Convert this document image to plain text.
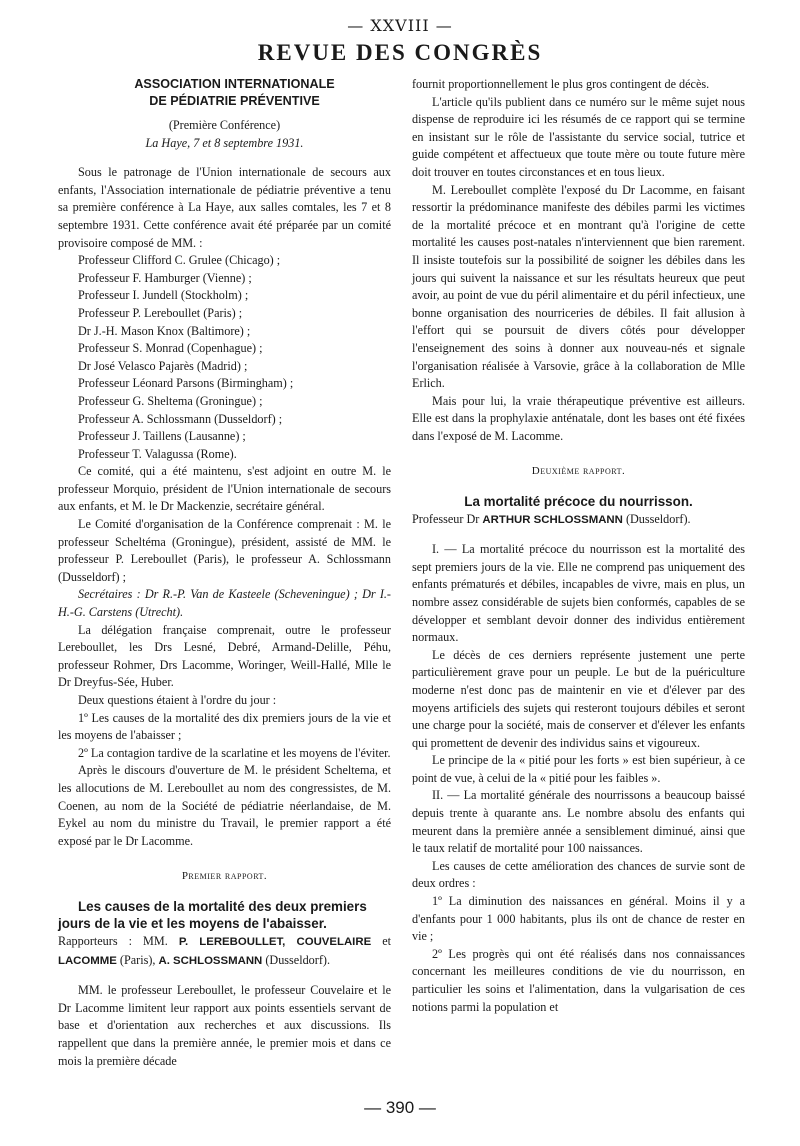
— XXVIII —
REVUE DES CONGRÈS

ASSOCIATION INTERNATIONALE

DE PÉDIATRIE PRÉVENTIVE

(Première Conférence)

La Haye, 7 et 8 septembre 1931.

Sous le patronage de l'Union internationale de secours aux enfants, l'Association internationale de pédiatrie préventive a tenu sa première conférence à La Haye, aux salles comtales, les 7 et 8 septembre 1931. Cette conférence avait été préparée par un comité provisoire composé de MM. :

Professeur Clifford C. Grulee (Chicago) ;
Professeur F. Hamburger (Vienne) ;
Professeur I. Jundell (Stockholm) ;
Professeur P. Lereboullet (Paris) ;
Dr J.-H. Mason Knox (Baltimore) ;
Professeur S. Monrad (Copenhague) ;
Dr José Velasco Pajarès (Madrid) ;
Professeur Léonard Parsons (Birmingham) ;
Professeur G. Sheltema (Groningue) ;
Professeur A. Schlossmann (Dusseldorf) ;
Professeur J. Taillens (Lausanne) ;
Professeur T. Valagussa (Rome).

Ce comité, qui a été maintenu, s'est adjoint en outre M. le professeur Morquio, président de l'Union internationale de secours aux enfants, et M. le Dr Mackenzie, secrétaire général.

Le Comité d'organisation de la Conférence comprenait : M. le professeur Scheltéma (Groningue), président, assisté de MM. le professeur P. Lereboullet (Paris), le professeur A. Schlossmann (Dusseldorf) ;

Secrétaires : Dr R.-P. Van de Kasteele (Scheveningue) ; Dr I.-H.-G. Carstens (Utrecht).

La délégation française comprenait, outre le professeur Lereboullet, les Drs Lesné, Debré, Armand-Delille, Péhu, professeur Rohmer, Drs Lacomme, Woringer, Weill-Hallé, Mlle le Dr Dreyfus-Sée, Huber.

Deux questions étaient à l'ordre du jour :

1º Les causes de la mortalité des dix premiers jours de la vie et les moyens de l'abaisser ;

2º La contagion tardive de la scarlatine et les moyens de l'éviter.

Après le discours d'ouverture de M. le président Scheltema, et les allocutions de M. Lereboullet au nom des congressistes, de M. Coenen, au nom de la Société de pédiatrie néerlandaise, de M. Eykel au nom du ministre du Travail, le premier rapport a été exposé par le Dr Lacomme.

Premier rapport.

Les causes de la mortalité des deux premiers jours de la vie et les moyens de l'abaisser.

Rapporteurs : MM. P. LEREBOULLET, COUVELAIRE et LACOMME (Paris), A. SCHLOSSMANN (Dusseldorf).

MM. le professeur Lereboullet, le professeur Couvelaire et le Dr Lacomme limitent leur rapport aux points essentiels servant de base et d'orientation aux recherches et aux discussions. Ils rappellent que dans la première année, le premier mois et dans ce mois la première décade

fournit proportionnellement le plus gros contingent de décès.

L'article qu'ils publient dans ce numéro sur le même sujet nous dispense de reproduire ici les résumés de ce rapport qui se termine en insistant sur le rôle de l'assistante du service social, tutrice et guide compétent et affectueux que toute mère ou toute future mère doit trouver en toutes circonstances et en tous lieux.

M. Lereboullet complète l'exposé du Dr Lacomme, en faisant ressortir la prédominance manifeste des débiles parmi les victimes de la mortalité précoce et en montrant qu'à l'origine de cette mortalité les causes post-natales n'interviennent que bien rarement. Il insiste toutefois sur la possibilité de soigner les débiles dans les jours qui suivent la naissance et sur les résultats heureux que peut avoir, au point de vue du péril alimentaire et du péril infectieux, une bonne organisation des nourriceries de débiles. Il fait allusion à l'effort qui se poursuit de divers côtés pour développer l'enseignement des soins à donner aux nouveau-nés et signale l'organisation réalisée à Varsovie, grâce à la collaboration de Mlle Erlich.

Mais pour lui, la vraie thérapeutique préventive est ailleurs. Elle est dans la prophylaxie anténatale, dont les bases ont été fixées dans l'exposé de M. Lacomme.

Deuxième rapport.

La mortalité précoce du nourrisson.

Professeur Dr ARTHUR SCHLOSSMANN (Dusseldorf).

I. — La mortalité précoce du nourrisson est la mortalité des sept premiers jours de la vie. Elle ne comprend pas uniquement des enfants prématurés et débiles, incapables de vivre, mais en plus, un nombre assez considérable de sujets bien conformés, capables de se développer et semblant devoir donner des individus entièrement normaux.

Le décès de ces derniers représente justement une perte particulièrement grave pour un peuple. Le but de la puériculture moderne n'est donc pas de maintenir en vie et d'élever par des moyens artificiels des sujets qui resteront toujours débiles et seront une charge pour la société, mais de conserver et d'élever les enfants qui promettent de devenir des individus sains et vigoureux.

Le principe de la « pitié pour les forts » est bien supérieur, à ce point de vue, à celui de la « pitié pour les faibles ».

II. — La mortalité générale des nourrissons a beaucoup baissé depuis trente à quarante ans. Le nombre absolu des enfants qui meurent dans la première année a sensiblement diminué, ainsi que le taux relatif de mortalité pour 100 naissances.

Les causes de cette amélioration des chances de survie sont de deux ordres :

1º La diminution des naissances en général. Moins il y a d'enfants pour 1 000 habitants, plus ils ont de chance de rester en vie ;

2º Les progrès qui ont été réalisés dans nos connaissances concernant les meilleures conditions de vie du nourrisson, en particulier les soins et l'alimentation, dans la vulgarisation de ces notions parmi la population et

— 390 —
